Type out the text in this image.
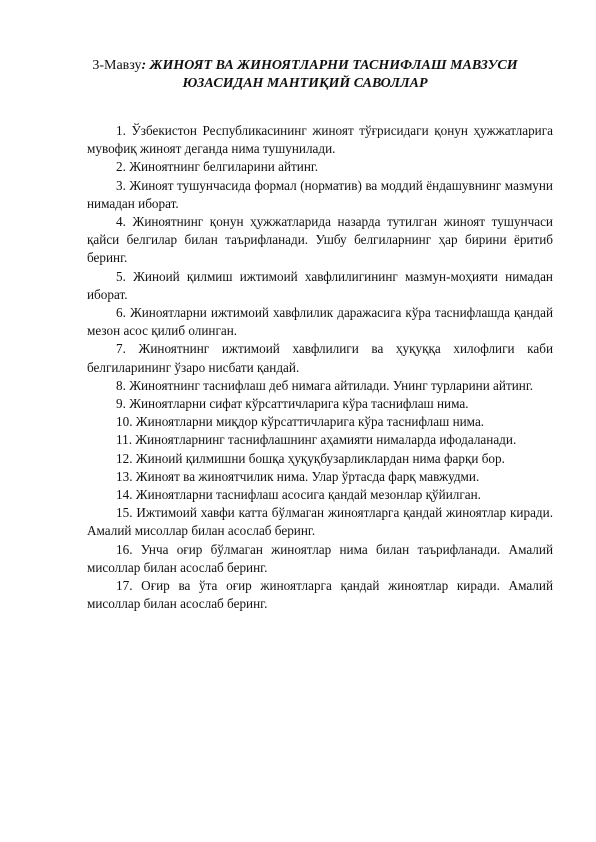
3-Мавзу: ЖИНОЯТ ВА ЖИНОЯТЛАРНИ ТАСНИФЛАШ МАВЗУСИ ЮЗАСИДАН МАНТИҚИЙ САВОЛЛАР
1. Ўзбекистон Республикасининг жиноят тўғрисидаги қонун ҳужжатларига мувофиқ жиноят деганда нима тушунилади.
2. Жиноятнинг белгиларини айтинг.
3. Жиноят тушунчасида формал (норматив) ва моддий ёндашувнинг мазмуни нимадан иборат.
4. Жиноятнинг қонун ҳужжатларида назарда тутилган жиноят тушунчаси қайси белгилар билан таърифланади. Ушбу белгиларнинг ҳар бирини ёритиб беринг.
5. Жиноий қилмиш ижтимоий хавфлилигининг мазмун-моҳияти нимадан иборат.
6. Жиноятларни ижтимоий хавфлилик даражасига кўра таснифлашда қандай мезон асос қилиб олинган.
7. Жиноятнинг ижтимоий хавфлилиги ва ҳуқуққа хилофлиги каби белгиларининг ўзаро нисбати қандай.
8. Жиноятнинг таснифлаш деб нимага айтилади. Унинг турларини айтинг.
9. Жиноятларни сифат кўрсаттичларига кўра таснифлаш нима.
10. Жиноятларни миқдор кўрсаттичларига кўра таснифлаш нима.
11. Жиноятларнинг таснифлашнинг аҳамияти нималарда ифодаланади.
12. Жиноий қилмишни бошқа ҳуқуқбузарликлардан нима фарқи бор.
13. Жиноят ва жиноятчилик нима. Улар ўртасда фарқ мавжудми.
14. Жиноятларни таснифлаш асосига қандай мезонлар қўйилган.
15. Ижтимоий хавфи катта бўлмаган жиноятларга қандай жиноятлар киради. Амалий мисоллар билан асослаб беринг.
16. Унча оғир бўлмаган жиноятлар нима билан таърифланади. Амалий мисоллар билан асослаб беринг.
17. Оғир ва ўта оғир жиноятларга қандай жиноятлар киради. Амалий мисоллар билан асослаб беринг.
